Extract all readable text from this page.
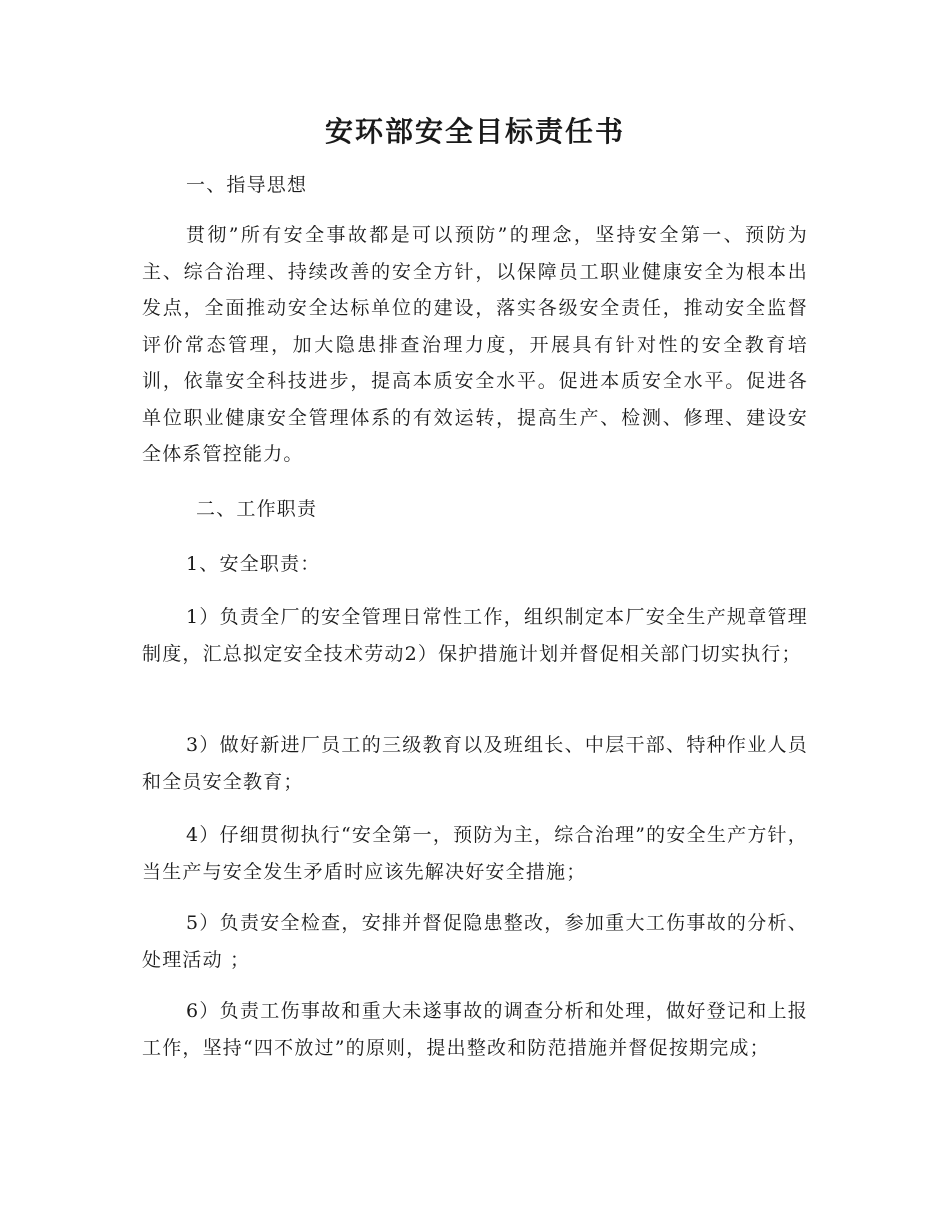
安环部安全目标责任书

一、指导思想

贯彻”所有安全事故都是可以预防”的理念，坚持安全第一、预防为主、综合治理、持续改善的安全方针，以保障员工职业健康安全为根本出发点，全面推动安全达标单位的建设，落实各级安全责任，推动安全监督评价常态管理，加大隐患排查治理力度，开展具有针对性的安全教育培训，依靠安全科技进步，提高本质安全水平。促进本质安全水平。促进各单位职业健康安全管理体系的有效运转，提高生产、检测、修理、建设安全体系管控能力。

二、工作职责

1、安全职责：

1）负责全厂的安全管理日常性工作，组织制定本厂安全生产规章管理制度，汇总拟定安全技术劳动2）保护措施计划并督促相关部门切实执行；

3）做好新进厂员工的三级教育以及班组长、中层干部、特种作业人员和全员安全教育；

4）仔细贯彻执行“安全第一，预防为主，综合治理”的安全生产方针，当生产与安全发生矛盾时应该先解决好安全措施；

5）负责安全检查，安排并督促隐患整改，参加重大工伤事故的分析、处理活动 ；

6）负责工伤事故和重大未遂事故的调查分析和处理，做好登记和上报工作，坚持“四不放过”的原则，提出整改和防范措施并督促按期完成；
